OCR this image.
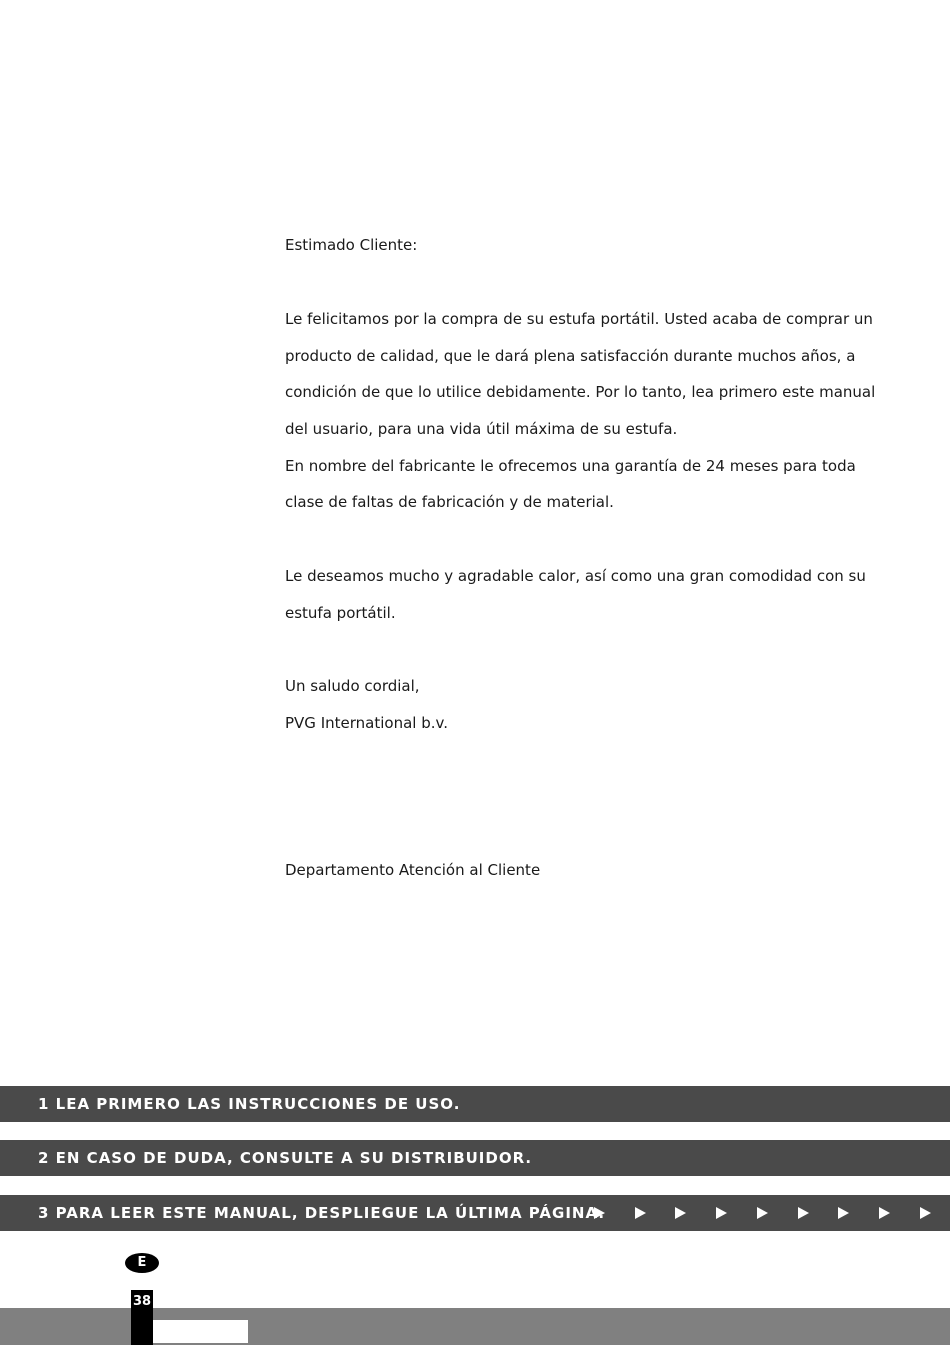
Estimado Cliente:
Le felicitamos por la compra de su estufa portátil. Usted acaba de comprar un
producto de calidad, que le dará plena satisfacción durante muchos años, a
condición de que lo utilice debidamente. Por lo tanto, lea primero este manual
del usuario, para una vida útil máxima de su estufa.
En nombre del fabricante le ofrecemos una garantía de 24 meses para toda
clase de faltas de fabricación y de material.
Le deseamos mucho y agradable calor, así como una gran comodidad con su
estufa portátil.
Un saludo cordial,
PVG International b.v.
Departamento Atención al Cliente
1 LEA PRIMERO LAS INSTRUCCIONES DE USO.
2 EN CASO DE DUDA, CONSULTE A SU DISTRIBUIDOR.
3 PARA LEER ESTE MANUAL, DESPLIEGUE LA ÚLTIMA PÁGINA.
E
38
